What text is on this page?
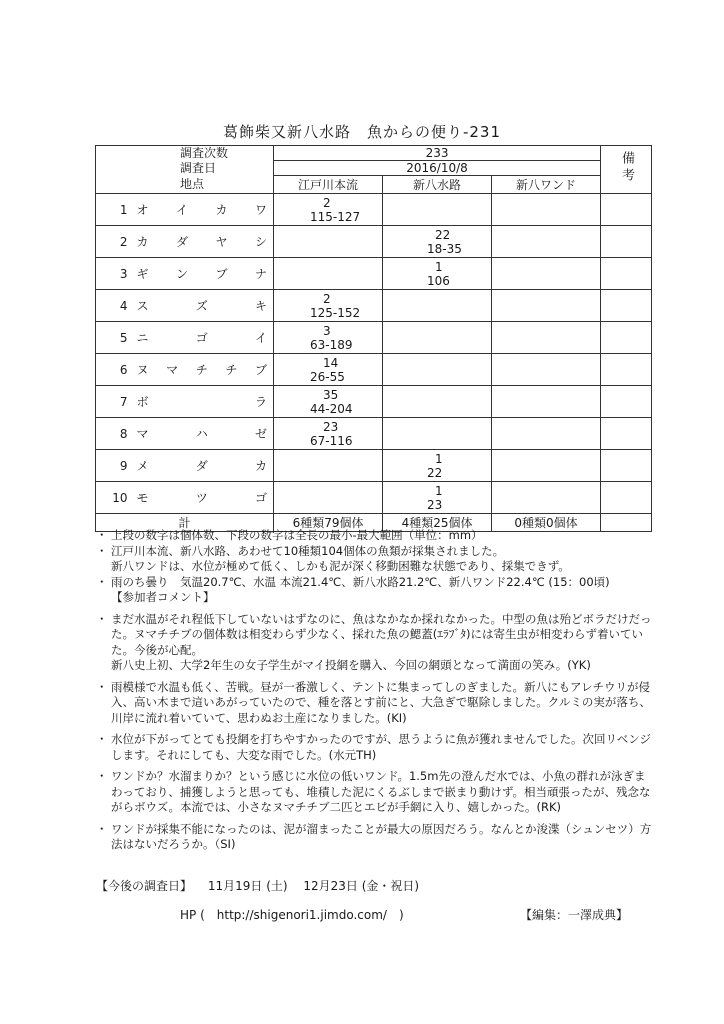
葛飾柴又新八水路　魚からの便り-231
調査次数		233			備考
調査日		2016/10/8			
地点		江戸川本流	新八水路	新八ワンド	
1	オ イ カ ワ	2
115-127			

2	カ ダ ヤ シ		22
18-35		

3	ギ ン ブ ナ		1
106		

4	ス ズ キ	2
125-152			

5	ニ ゴ イ	3
63-189			

6	ヌ マ チ チ ブ	14
26-55			

7	ボ ラ	35
44-204			

8	マ ハ ゼ	23
67-116			

9	メ ダ カ		1
22		

10	モ ツ ゴ		1
23		

計		6種類79個体	4種類25個体	0種類0個体	
・ 上段の数字は個体数、下段の数字は全長の最小-最大範囲（単位：mm）
・ 江戸川本流、新八水路、あわせて10種類104個体の魚類が採集されました。
新八ワンドは、水位が極めて低く、しかも泥が深く移動困難な状態であり、採集できず。
・ 雨のち曇り　気温20.7℃、水温 本流21.4℃、新八水路21.2℃、新八ワンド22.4℃ (15：00頃)
【参加者コメント】
・ まだ水温がそれ程低下していないはずなのに、魚はなかなか採れなかった。中型の魚は殆どボラだけだった。ヌマチチブの個体数は相変わらず少なく、採れた魚の鰓蓋(ｴﾗﾌﾞﾀ)には寄生虫が相変わらず着いていた。今後が心配。
新八史上初、大学2年生の女子学生がマイ投網を購入、今回の網頭となって満面の笑み。(YK)
・ 雨模様で水温も低く、苦戦。昼が一番激しく、テントに集まってしのぎました。新八にもアレチウリが侵入、高い木まで這いあがっていたので、種を落とす前にと、大急ぎで駆除しました。クルミの実が落ち、川岸に流れ着いていて、思わぬお土産になりました。(KI)
・ 水位が下がってとても投網を打ちやすかったのですが、思うように魚が獲れませんでした。次回リベンジします。それにしても、大変な雨でした。(水元TH)
・ ワンドか？水溜まりか？という感じに水位の低いワンド。1.5m先の澄んだ水では、小魚の群れが泳ぎまわっており、捕獲しようと思っても、堆積した泥にくるぶしまで嵌まり動けず。相当頑張ったが、残念ながらボウズ。本流では、小さなヌマチチブ二匹とエビが手網に入り、嬉しかった。(RK)
・ ワンドが採集不能になったのは、泥が溜まったことが最大の原因だろう。なんとか浚渫（シュンセツ）方法はないだろうか。（SI)
【今後の調査日】 11月19日 (土) 12月23日 (金・祝日)
HP (　http://shigenori1.jimdo.com/　)	【編集：一澤成典】
